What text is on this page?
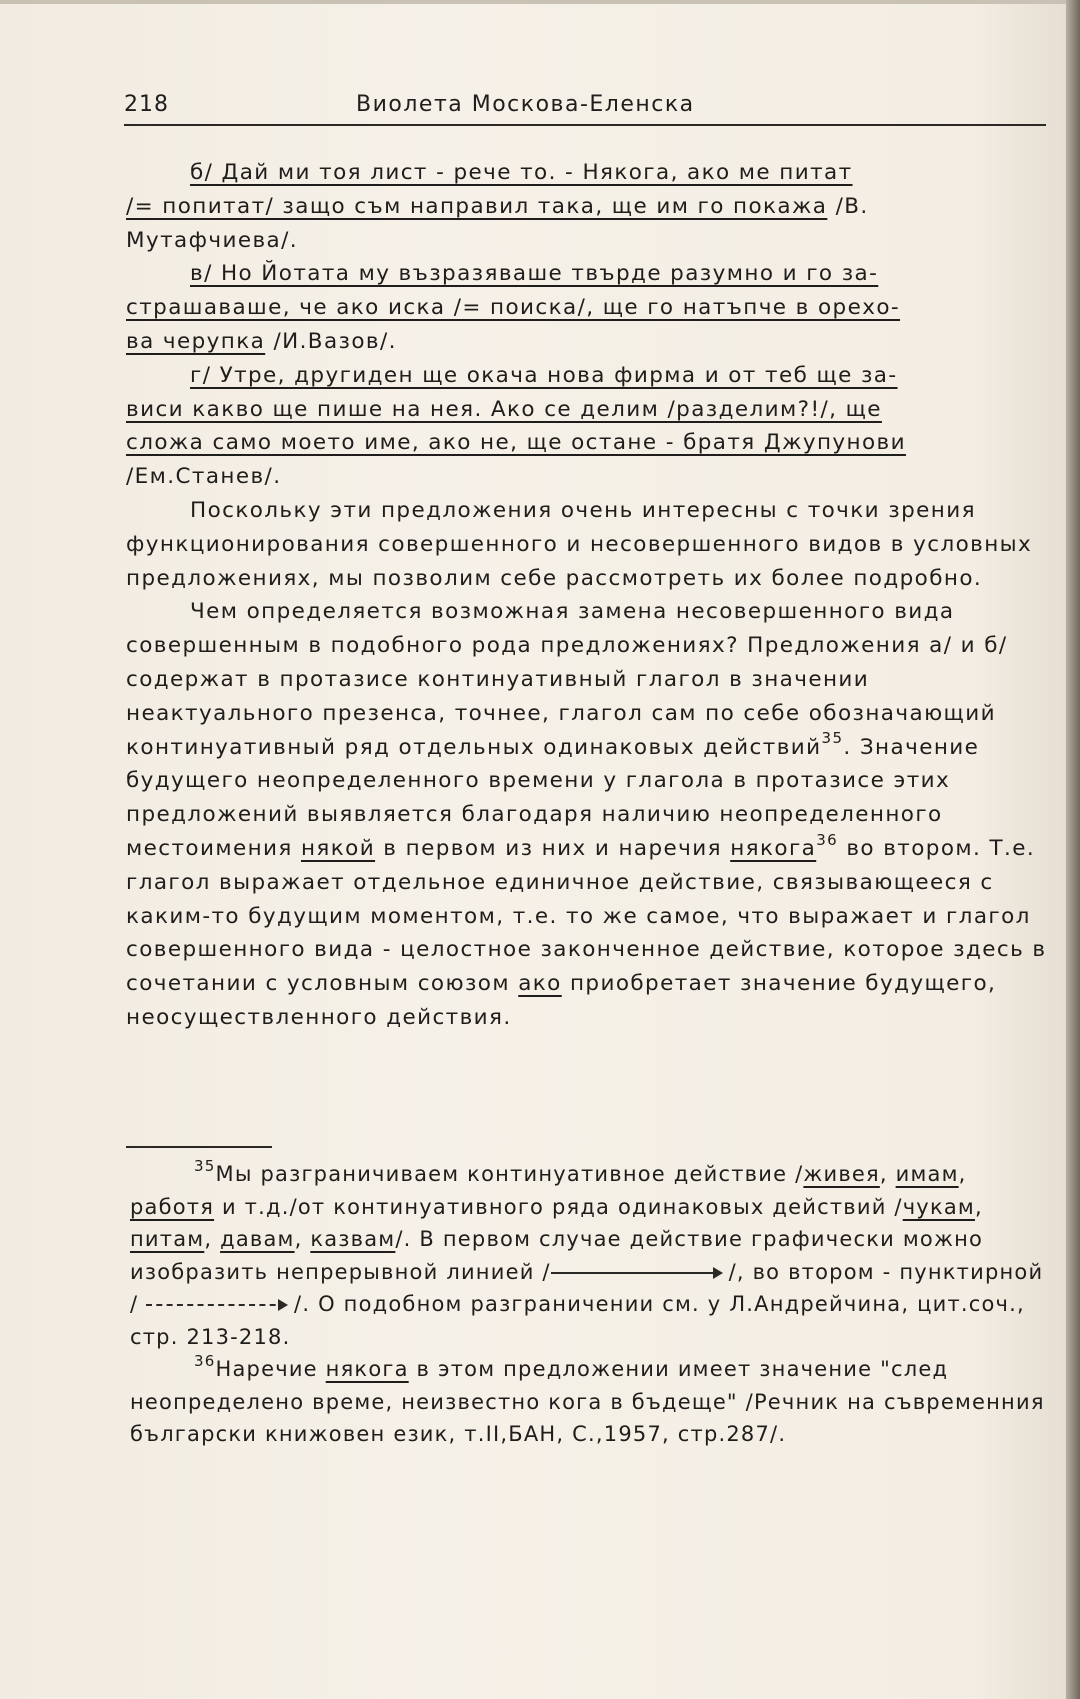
218	Виолета Москова-Еленска
б/ Дай ми тоя лист - рече то. - Някога, ако ме питат
/= попитат/ защо съм направил така, ще им го покажа /В.
Мутафчиева/.
в/ Но Йотата му възразяваше твърде разумно и го за-
страшаваше, че ако иска /= поиска/, ще го натъпче в орехо-
ва черупка /И.Вазов/.
г/ Утре, другиден ще окача нова фирма и от теб ще за-
виси какво ще пише на нея. Ако се делим /разделим?!/, ще
сложа само моето име, ако не, ще остане - братя Джупунови
/Ем.Станев/.

Поскольку эти предложения очень интересны с точки зрения функционирования совершенного и несовершенного видов в условных предложениях, мы позволим себе рассмотреть их более подробно.

Чем определяется возможная замена несовершенного вида совершенным в подобного рода предложениях? Предложения а/ и б/ содержат в протазисе континуативный глагол в значении неактуального презенса, точнее, глагол сам по себе обозначающий континуативный ряд отдельных одинаковых действий$^{35}$. Значение будущего неопределенного времени у глагола в протазисе этих предложений выявляется благодаря наличию неопределенного местоимения някой в первом из них и наречия някога$^{36}$ во втором. Т.е. глагол выражает отдельное единичное действие, связывающееся с каким-то будущим моментом, т.е. то же самое, что выражает и глагол совершенного вида - целостное законченное действие, которое здесь в сочетании с условным союзом ако приобретает значение будущего, неосуществленного действия.

$^{35}$Мы разграничиваем континуативное действие /живея, имам, работя и т.д./от континуативного ряда одинаковых действий /чукам, питам, давам, казвам/. В первом случае действие графически можно изобразить непрерывной линией /	/, во втором - пунктирной /	/. О подобном разграничении см. у Л.Андрейчина, цит.соч., стр. 213-218.

$^{36}$Наречие някога в этом предложении имеет значение "след неопределено време, неизвестно кога в бъдеще" /Речник на съвременния български книжовен език, т.II,БАН, С.,1957, стр.287/.
